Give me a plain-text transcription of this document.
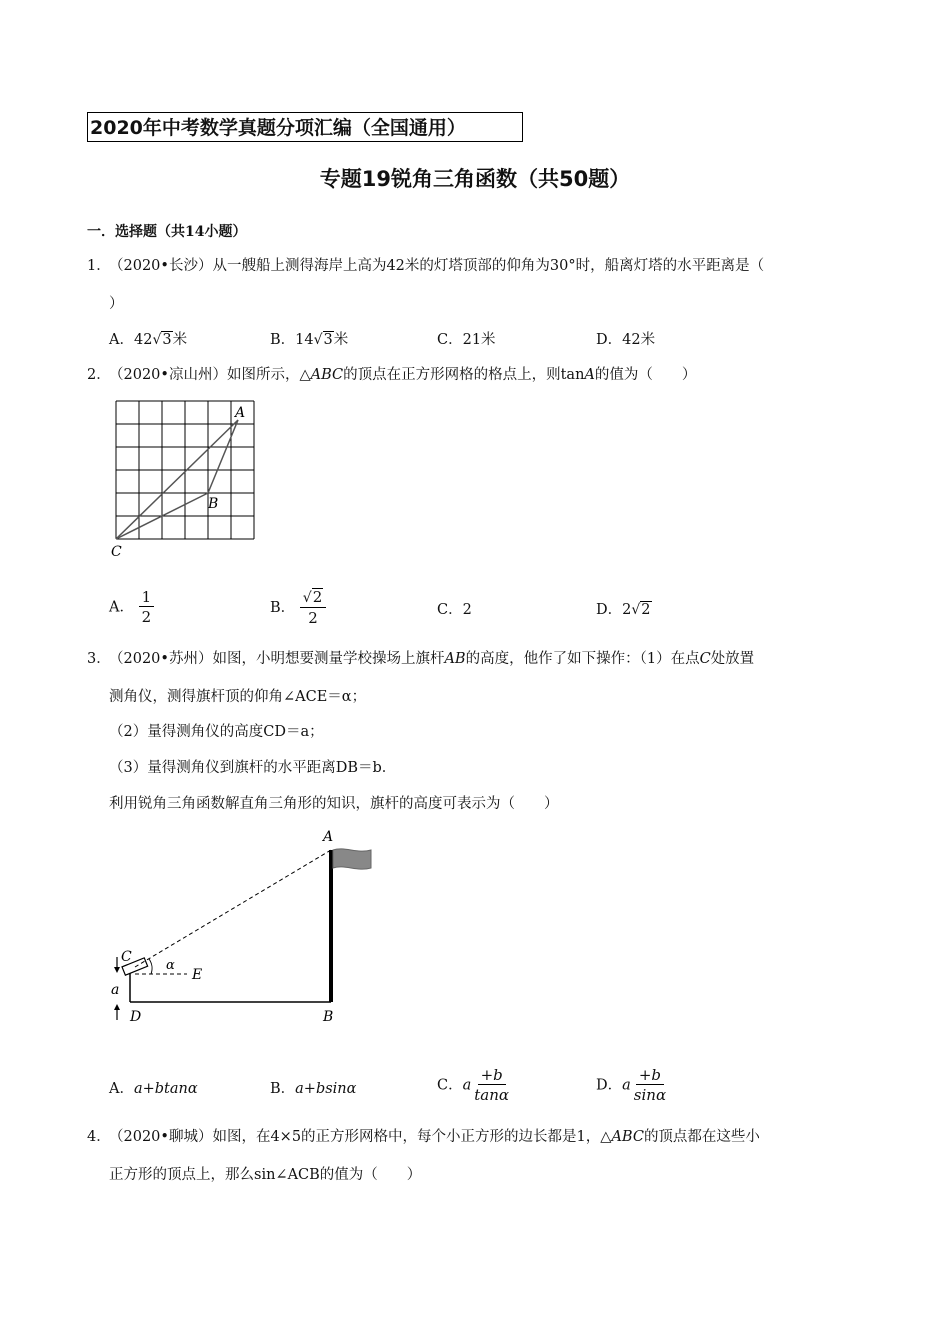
2020年中考数学真题分项汇编（全国通用）
专题19锐角三角函数（共50题）
一．选择题（共14小题）
1．
（2020•长沙）从一艘船上测得海岸上高为42米的灯塔顶部的仰角为30°时，船离灯塔的水平距离是（
）
A．42√3米	B．14√3米	C．21米	D．42米
2．
（2020•凉山州）如图所示，△ABC的顶点在正方形网格的格点上，则tanA的值为（　　）
A
B
C
A． $\frac{1}{2}$	B． $\frac{√2}{2}$	C．2	D．2√2
3．
（2020•苏州）如图，小明想要测量学校操场上旗杆AB的高度，他作了如下操作：（1）在点C处放置
测角仪，测得旗杆顶的仰角∠ACE＝α；
（2）量得测角仪的高度CD＝a；
（3）量得测角仪到旗杆的水平距离DB＝b．
利用锐角三角函数解直角三角形的知识，旗杆的高度可表示为（　　）
A
B
C
D
E
α
a
A．a+btanα	B．a+bsinα	C．a $\frac{+b}{\tan\alpha}$	D．a $\frac{+b}{\sin\alpha}$
4．
（2020•聊城）如图，在4×5的正方形网格中，每个小正方形的边长都是1，△ABC的顶点都在这些小
正方形的顶点上，那么sin∠ACB的值为（　　）
